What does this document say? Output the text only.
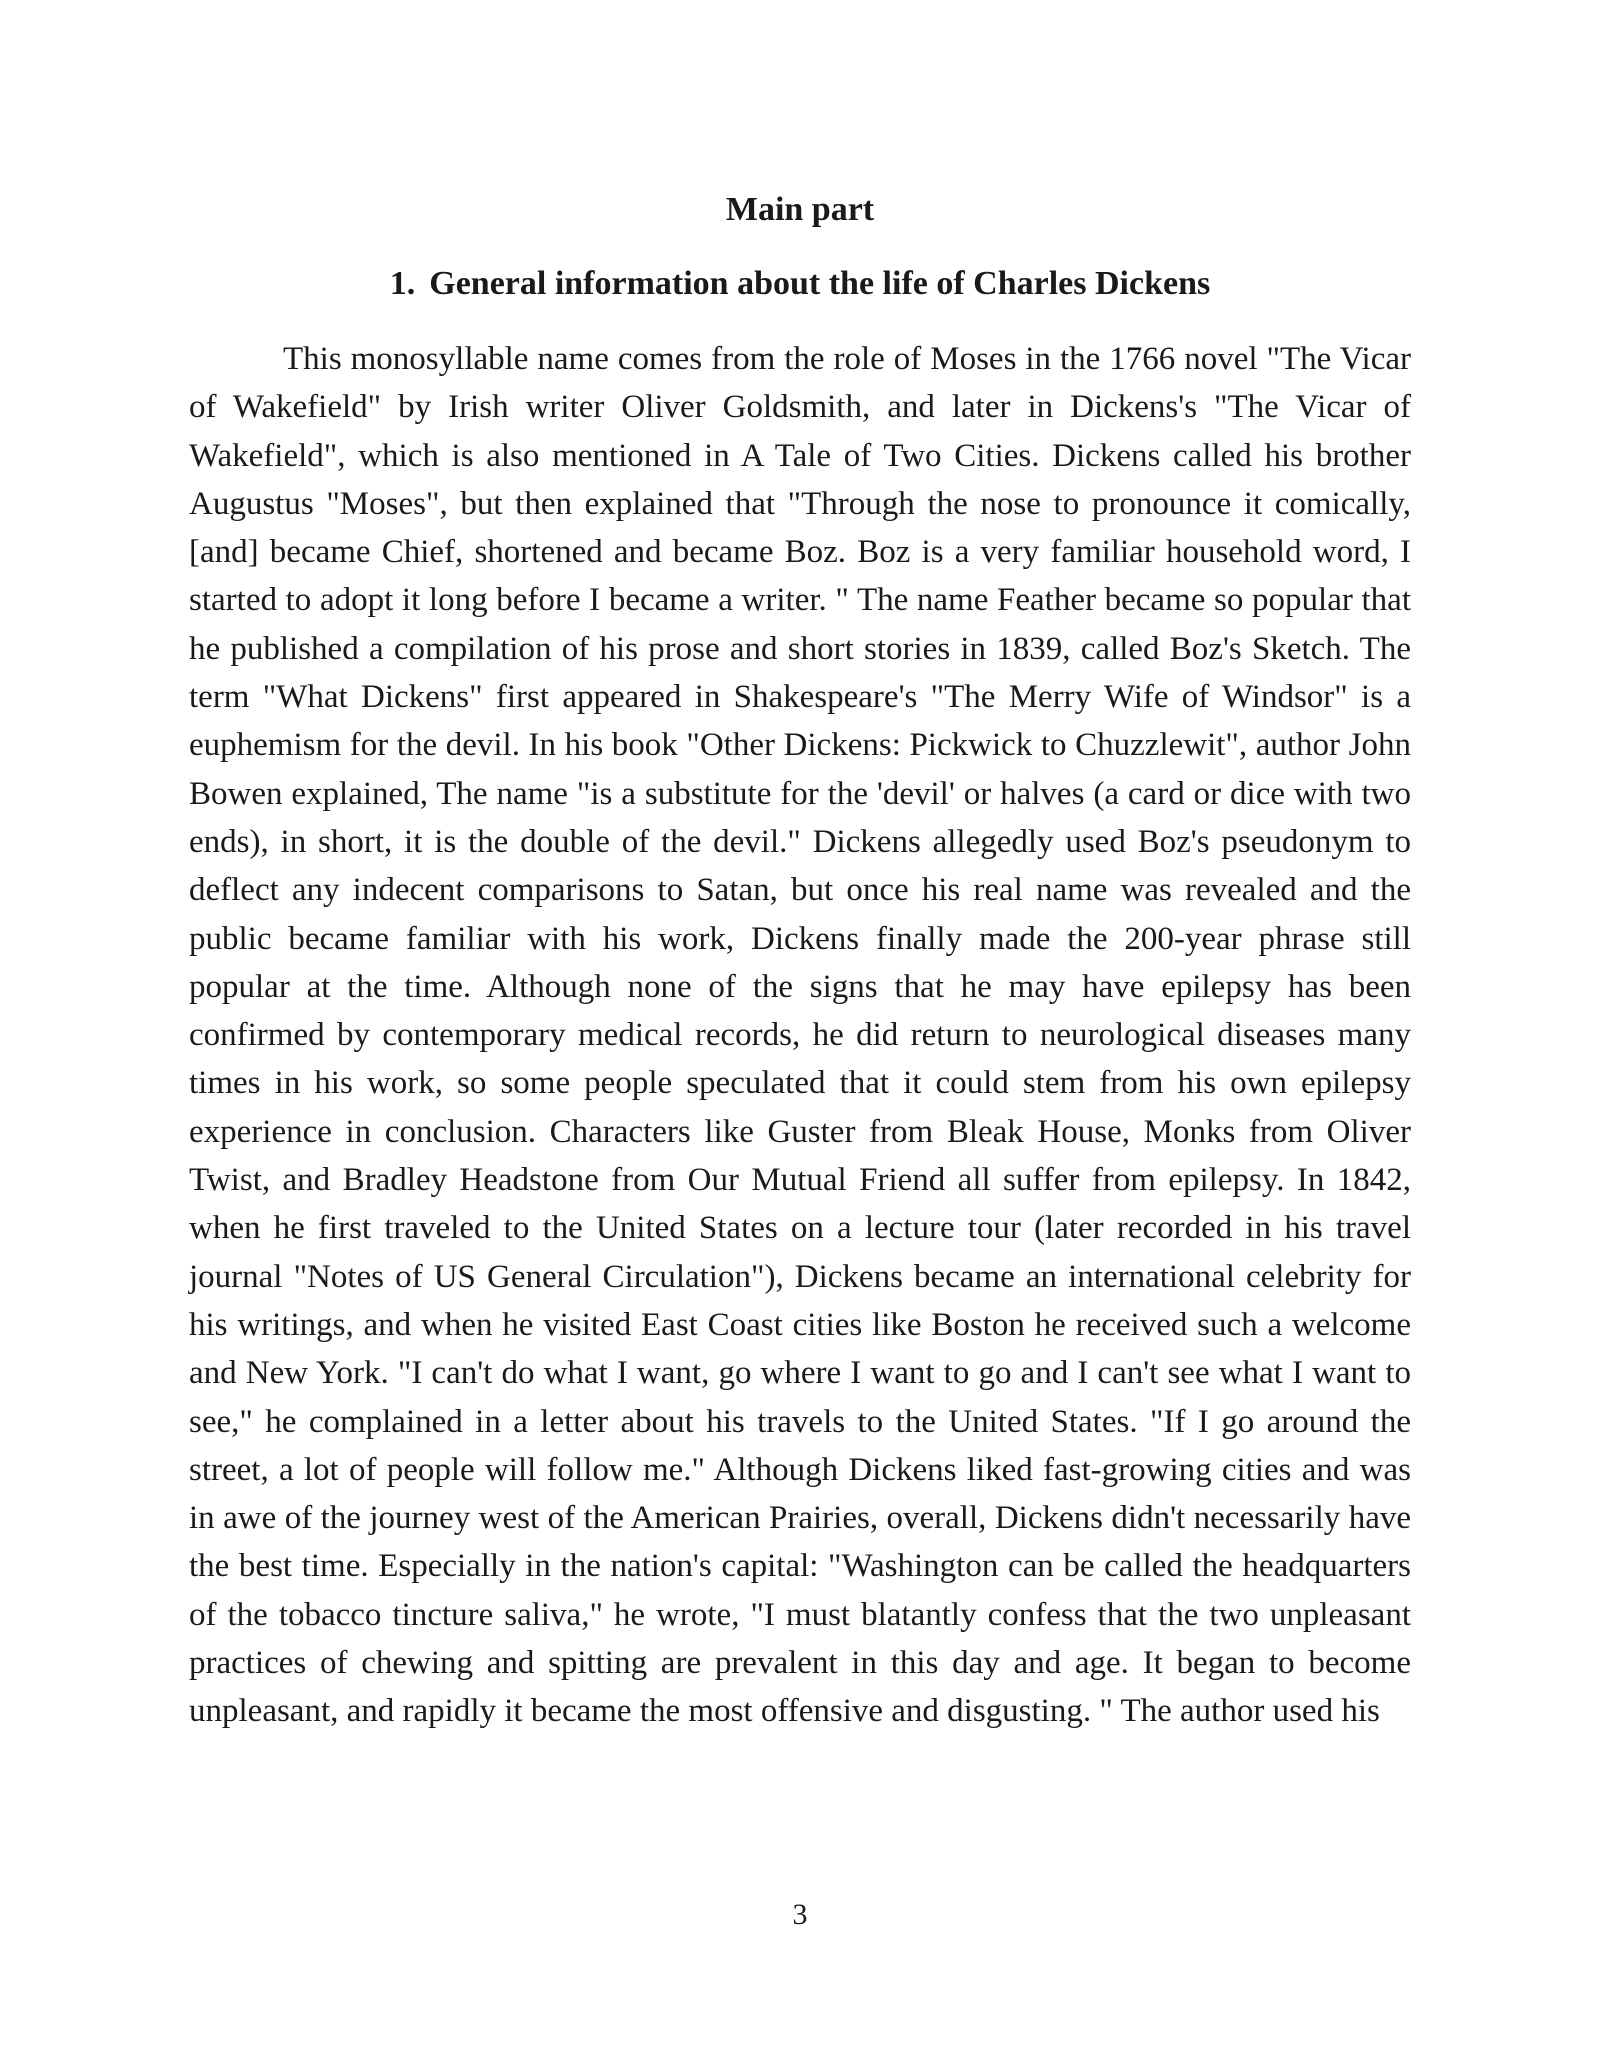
Main part
1. General information about the life of Charles Dickens

This monosyllable name comes from the role of Moses in the 1766 novel "The Vicar of Wakefield" by Irish writer Oliver Goldsmith, and later in Dickens's "The Vicar of Wakefield", which is also mentioned in A Tale of Two Cities. Dickens called his brother Augustus "Moses", but then explained that "Through the nose to pronounce it comically, [and] became Chief, shortened and became Boz. Boz is a very familiar household word, I started to adopt it long before I became a writer. " The name Feather became so popular that he published a compilation of his prose and short stories in 1839, called Boz's Sketch. The term "What Dickens" first appeared in Shakespeare's "The Merry Wife of Windsor" is a euphemism for the devil. In his book "Other Dickens: Pickwick to Chuzzlewit", author John Bowen explained, The name "is a substitute for the 'devil' or halves (a card or dice with two ends), in short, it is the double of the devil." Dickens allegedly used Boz's pseudonym to deflect any indecent comparisons to Satan, but once his real name was revealed and the public became familiar with his work, Dickens finally made the 200-year phrase still popular at the time. Although none of the signs that he may have epilepsy has been confirmed by contemporary medical records, he did return to neurological diseases many times in his work, so some people speculated that it could stem from his own epilepsy experience in conclusion. Characters like Guster from Bleak House, Monks from Oliver Twist, and Bradley Headstone from Our Mutual Friend all suffer from epilepsy. In 1842, when he first traveled to the United States on a lecture tour (later recorded in his travel journal "Notes of US General Circulation"), Dickens became an international celebrity for his writings, and when he visited East Coast cities like Boston he received such a welcome and New York. "I can't do what I want, go where I want to go and I can't see what I want to see," he complained in a letter about his travels to the United States. "If I go around the street, a lot of people will follow me." Although Dickens liked fast-growing cities and was in awe of the journey west of the American Prairies, overall, Dickens didn't necessarily have the best time. Especially in the nation's capital: "Washington can be called the headquarters of the tobacco tincture saliva," he wrote, "I must blatantly confess that the two unpleasant practices of chewing and spitting are prevalent in this day and age. It began to become unpleasant, and rapidly it became the most offensive and disgusting. " The author used his

3
